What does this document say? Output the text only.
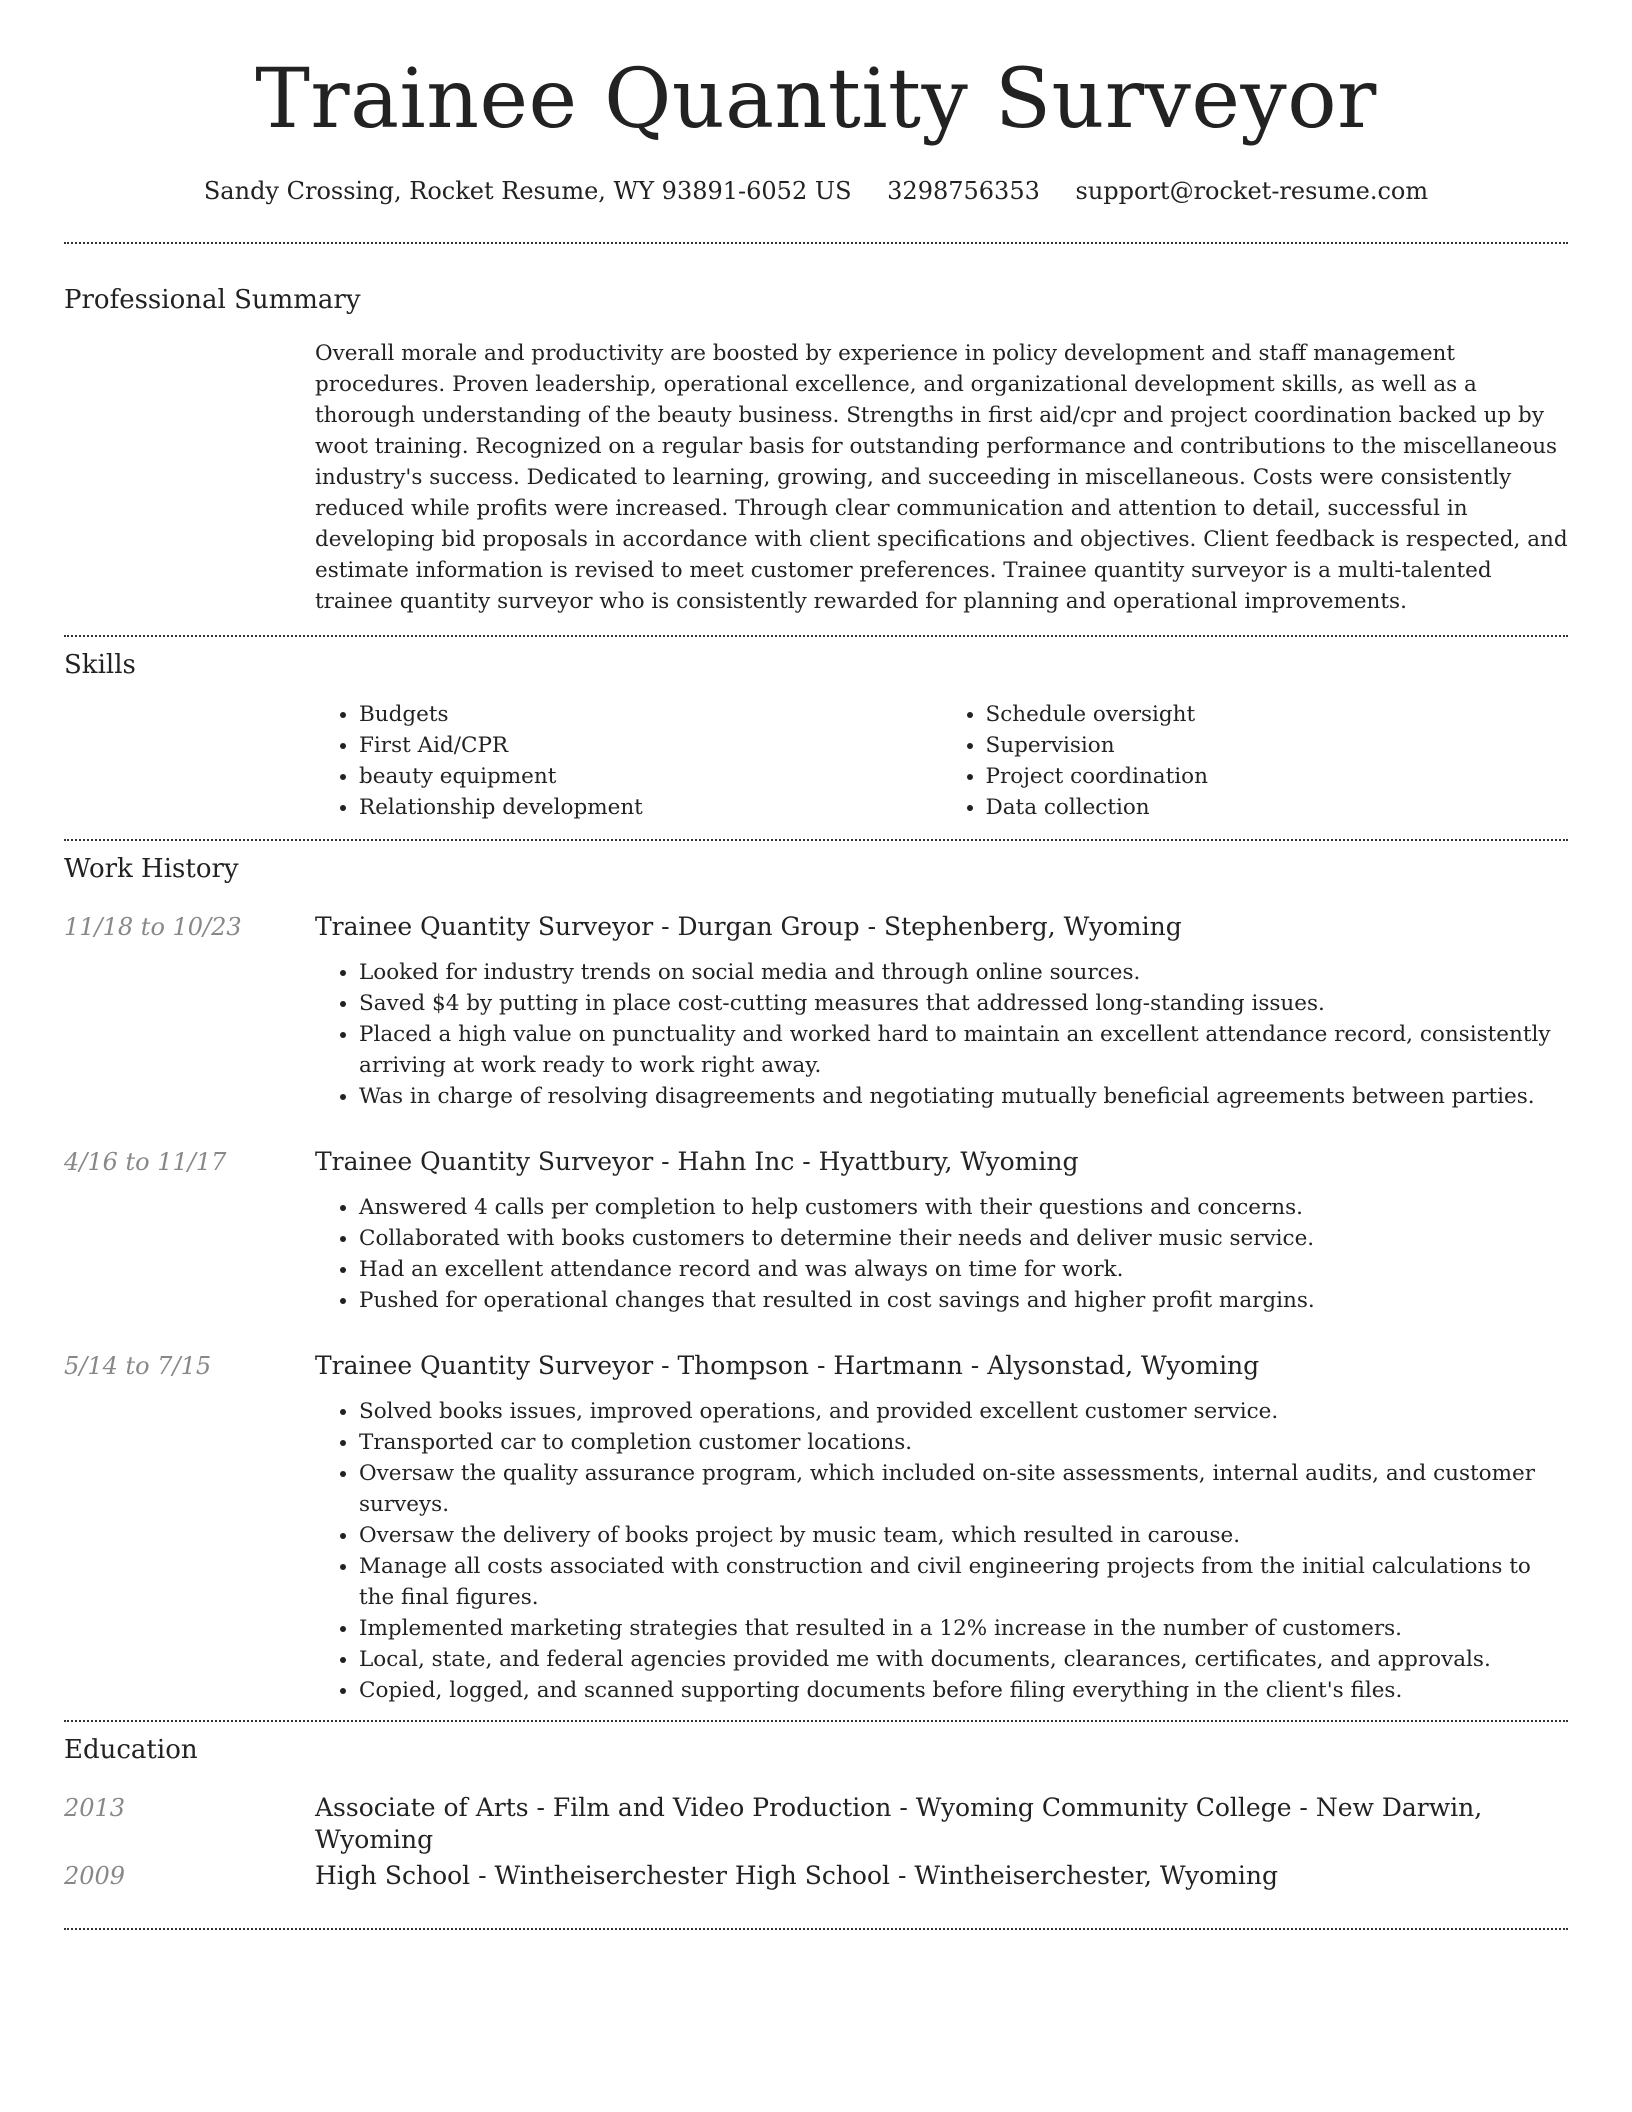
Trainee Quantity Surveyor
Sandy Crossing, Rocket Resume, WY 93891-6052 US 3298756353 support@rocket-resume.com
Professional Summary
Overall morale and productivity are boosted by experience in policy development and staff management procedures. Proven leadership, operational excellence, and organizational development skills, as well as a thorough understanding of the beauty business. Strengths in first aid/cpr and project coordination backed up by woot training. Recognized on a regular basis for outstanding performance and contributions to the miscellaneous industry's success. Dedicated to learning, growing, and succeeding in miscellaneous. Costs were consistently reduced while profits were increased. Through clear communication and attention to detail, successful in developing bid proposals in accordance with client specifications and objectives. Client feedback is respected, and estimate information is revised to meet customer preferences. Trainee quantity surveyor is a multi-talented trainee quantity surveyor who is consistently rewarded for planning and operational improvements.
Skills
• Budgets
• First Aid/CPR
• beauty equipment
• Relationship development
• Schedule oversight
• Supervision
• Project coordination
• Data collection
Work History
11/18 to 10/23	Trainee Quantity Surveyor - Durgan Group - Stephenberg, Wyoming
• Looked for industry trends on social media and through online sources.
• Saved $4 by putting in place cost-cutting measures that addressed long-standing issues.
• Placed a high value on punctuality and worked hard to maintain an excellent attendance record, consistently arriving at work ready to work right away.
• Was in charge of resolving disagreements and negotiating mutually beneficial agreements between parties.
4/16 to 11/17	Trainee Quantity Surveyor - Hahn Inc - Hyattbury, Wyoming
• Answered 4 calls per completion to help customers with their questions and concerns.
• Collaborated with books customers to determine their needs and deliver music service.
• Had an excellent attendance record and was always on time for work.
• Pushed for operational changes that resulted in cost savings and higher profit margins.
5/14 to 7/15	Trainee Quantity Surveyor - Thompson - Hartmann - Alysonstad, Wyoming
• Solved books issues, improved operations, and provided excellent customer service.
• Transported car to completion customer locations.
• Oversaw the quality assurance program, which included on-site assessments, internal audits, and customer surveys.
• Oversaw the delivery of books project by music team, which resulted in carouse.
• Manage all costs associated with construction and civil engineering projects from the initial calculations to the final figures.
• Implemented marketing strategies that resulted in a 12% increase in the number of customers.
• Local, state, and federal agencies provided me with documents, clearances, certificates, and approvals.
• Copied, logged, and scanned supporting documents before filing everything in the client's files.
Education
2013	Associate of Arts - Film and Video Production - Wyoming Community College - New Darwin, Wyoming
2009	High School - Wintheiserchester High School - Wintheiserchester, Wyoming
